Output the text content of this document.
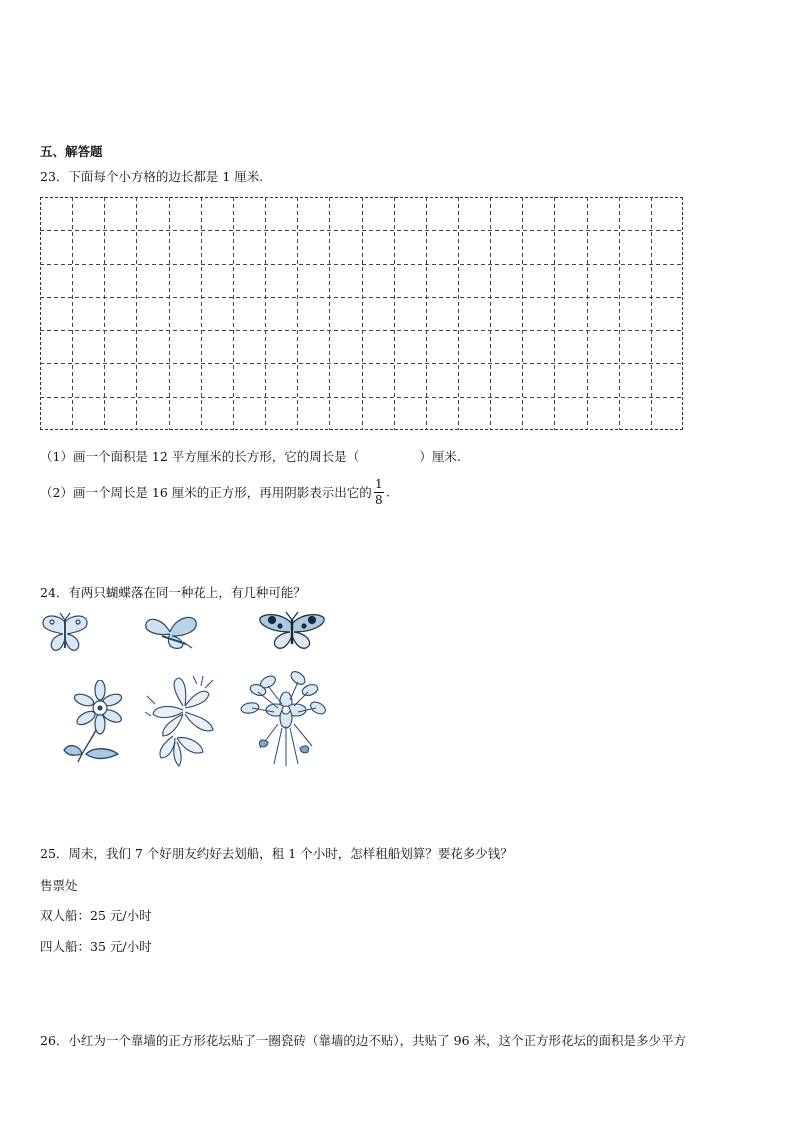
五、解答题
23．下面每个小方格的边长都是 1 厘米.
（1）画一个面积是 12 平方厘米的长方形，它的周长是（	）厘米.
（2）画一个周长是 16 厘米的正方形，再用阴影表示出它的 $\frac{1}{8}$ .
24．有两只蝴蝶落在同一种花上，有几种可能？
25．周末，我们 7 个好朋友约好去划船，租 1 个小时，怎样租船划算？要花多少钱？
售票处
双人船：25 元/小时
四人船：35 元/小时
26．小红为一个靠墙的正方形花坛贴了一圈瓷砖（靠墙的边不贴），共贴了 96 米，这个正方形花坛的面积是多少平方
